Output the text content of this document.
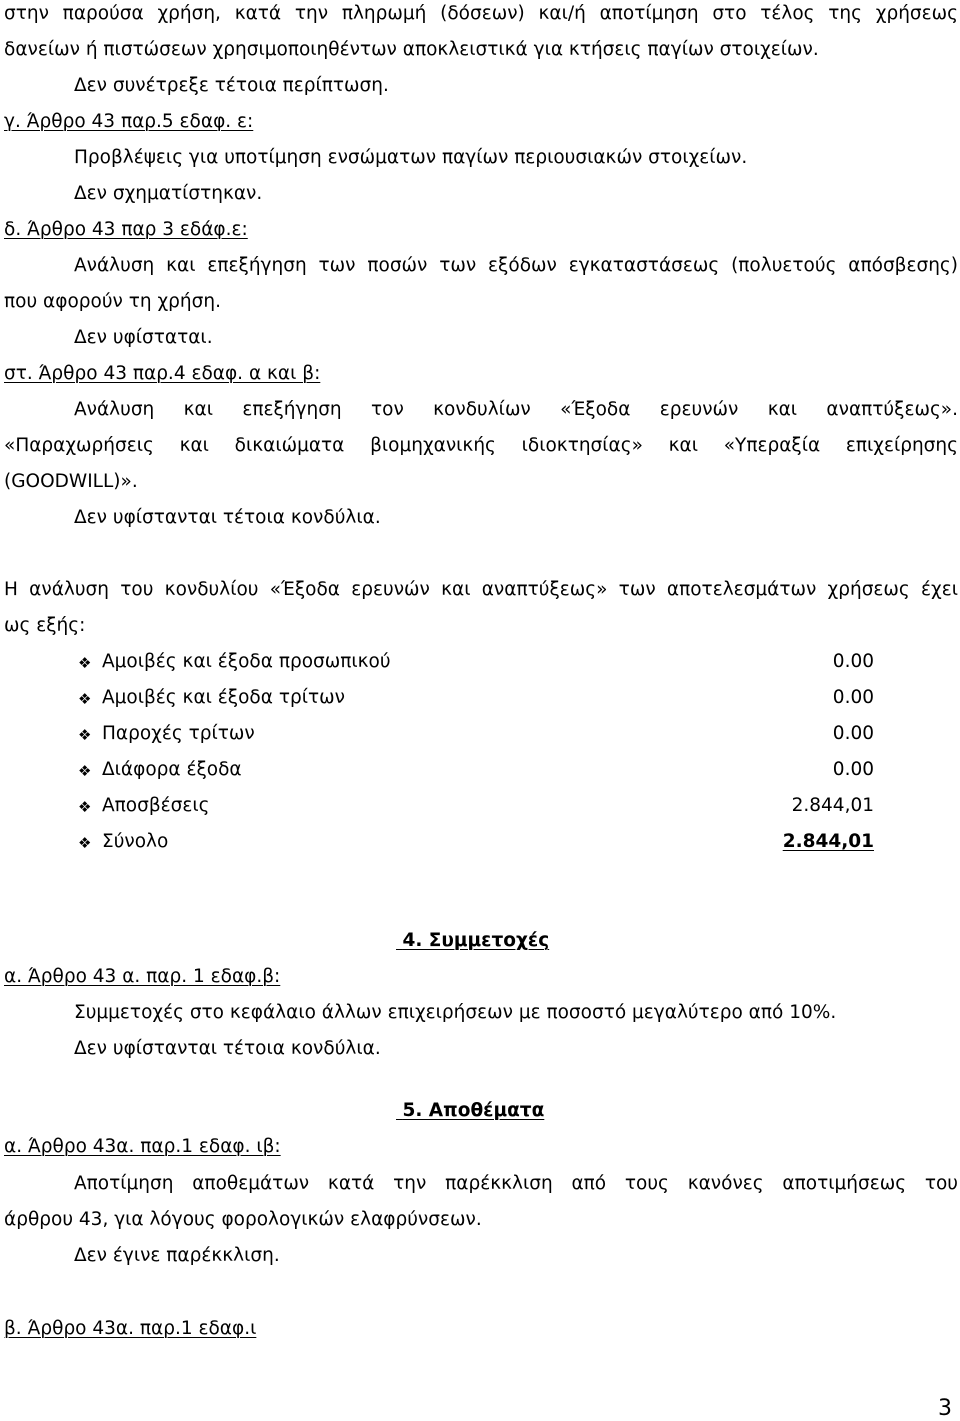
στην παρούσα χρήση, κατά την πληρωμή (δόσεων) και/ή αποτίμηση στο τέλος της χρήσεως
δανείων ή πιστώσεων χρησιμοποιηθέντων αποκλειστικά για κτήσεις παγίων στοιχείων.
Δεν συνέτρεξε τέτοια περίπτωση.
γ. Άρθρο 43 παρ.5 εδαφ. ε:
Προβλέψεις για υποτίμηση ενσώματων παγίων περιουσιακών στοιχείων.
Δεν σχηματίστηκαν.
δ. Άρθρο 43 παρ 3 εδάφ.ε:
Ανάλυση και επεξήγηση των ποσών των εξόδων εγκαταστάσεως (πολυετούς απόσβεσης)
που αφορούν τη χρήση.
Δεν υφίσταται.
στ. Άρθρο 43 παρ.4 εδαφ. α και β:
Ανάλυση και επεξήγηση τον κονδυλίων «Έξοδα ερευνών και αναπτύξεως».
«Παραχωρήσεις και δικαιώματα βιομηχανικής ιδιοκτησίας» και «Υπεραξία επιχείρησης
(GOODWILL)».
Δεν υφίστανται τέτοια κονδύλια.
Η ανάλυση του κονδυλίου «Έξοδα ερευνών και αναπτύξεως» των αποτελεσμάτων χρήσεως έχει
ως εξής:
❖ Αμοιβές και έξοδα προσωπικού	0.00
❖ Αμοιβές και έξοδα τρίτων	0.00
❖ Παροχές τρίτων	0.00
❖ Διάφορα έξοδα	0.00
❖ Αποσβέσεις	2.844,01
❖ Σύνολο	2.844,01
4. Συμμετοχές
α. Άρθρο 43 α. παρ. 1 εδαφ.β:
Συμμετοχές στο κεφάλαιο άλλων επιχειρήσεων με ποσοστό μεγαλύτερο από 10%.
Δεν υφίστανται τέτοια κονδύλια.
5. Αποθέματα
α. Άρθρο 43α. παρ.1 εδαφ. ιβ:
Αποτίμηση αποθεμάτων κατά την παρέκκλιση από τους κανόνες αποτιμήσεως του
άρθρου 43, για λόγους φορολογικών ελαφρύνσεων.
Δεν έγινε παρέκκλιση.
β. Άρθρο 43α. παρ.1 εδαφ.ι
3
